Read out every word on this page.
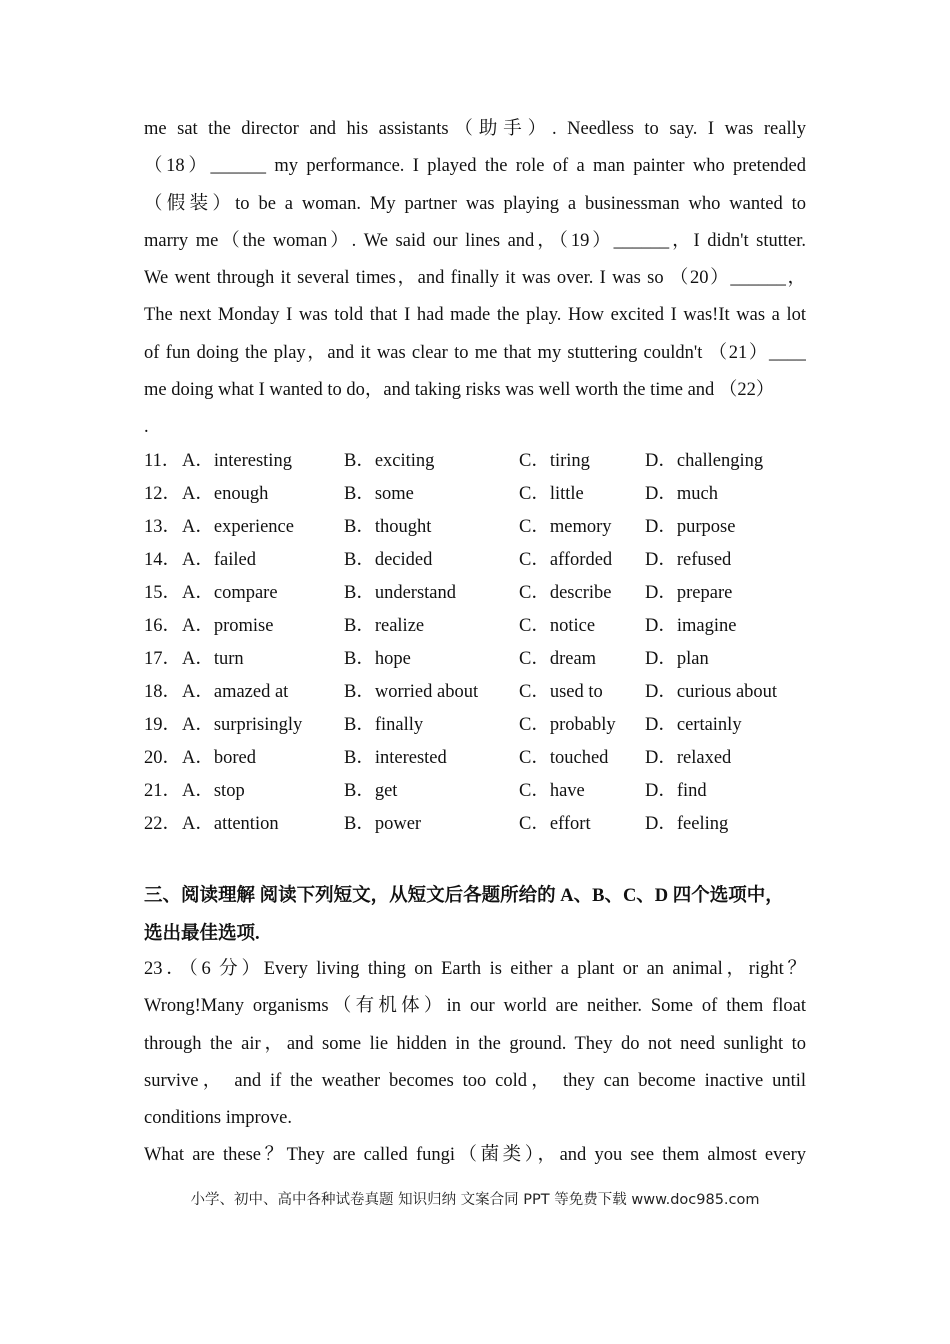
me sat the director and his assistants（助手）. Needless to say. I was really
（18）______ my performance. I played the role of a man painter who pretended
（假装）to be a woman. My partner was playing a businessman who wanted to
marry me（the woman）. We said our lines and，（19）______，I didn't stutter.
We went through it several times，and finally it was over. I was so （20）______，
The next Monday I was told that I had made the play. How excited I was!It was a lot
of fun doing the play，and it was clear to me that my stuttering couldn't （21）____
me doing what I wanted to do，and taking risks was well worth the time and （22）
.
11． A．interesting	B．exciting	C．tiring	D．challenging
12． A．enough	B．some	C．little	D．much
13． A．experience	B．thought	C．memory D．purpose
14． A．failed	B．decided	C．afforded D．refused
15． A．compare	B．understand	C．describe D．prepare
16． A．promise	B．realize	C．notice	D．imagine
17． A．turn	B．hope	C．dream	D．plan
18． A．amazed at	B．worried about C．used to D．curious about
19． A．surprisingly B．finally	C．probably D．certainly
20． A．bored	B．interested	C．touched D．relaxed
21． A．stop	B．get	C．have	D．find
22． A．attention	B．power	C．effort	D．feeling
三、阅读理解 阅读下列短文，从短文后各题所给的 A、B、C、D 四个选项中，
选出最佳选项.
23．（6 分）Every living thing on Earth is either a plant or an animal，right？
Wrong!Many organisms（有机体）in our world are neither. Some of them float
through the air，and some lie hidden in the ground. They do not need sunlight to
survive， and if the weather becomes too cold， they can become inactive until
conditions improve.
What are these？They are called fungi（菌类），and you see them almost every
小学、初中、高中各种试卷真题 知识归纳 文案合同 PPT 等免费下载 www.doc985.com
